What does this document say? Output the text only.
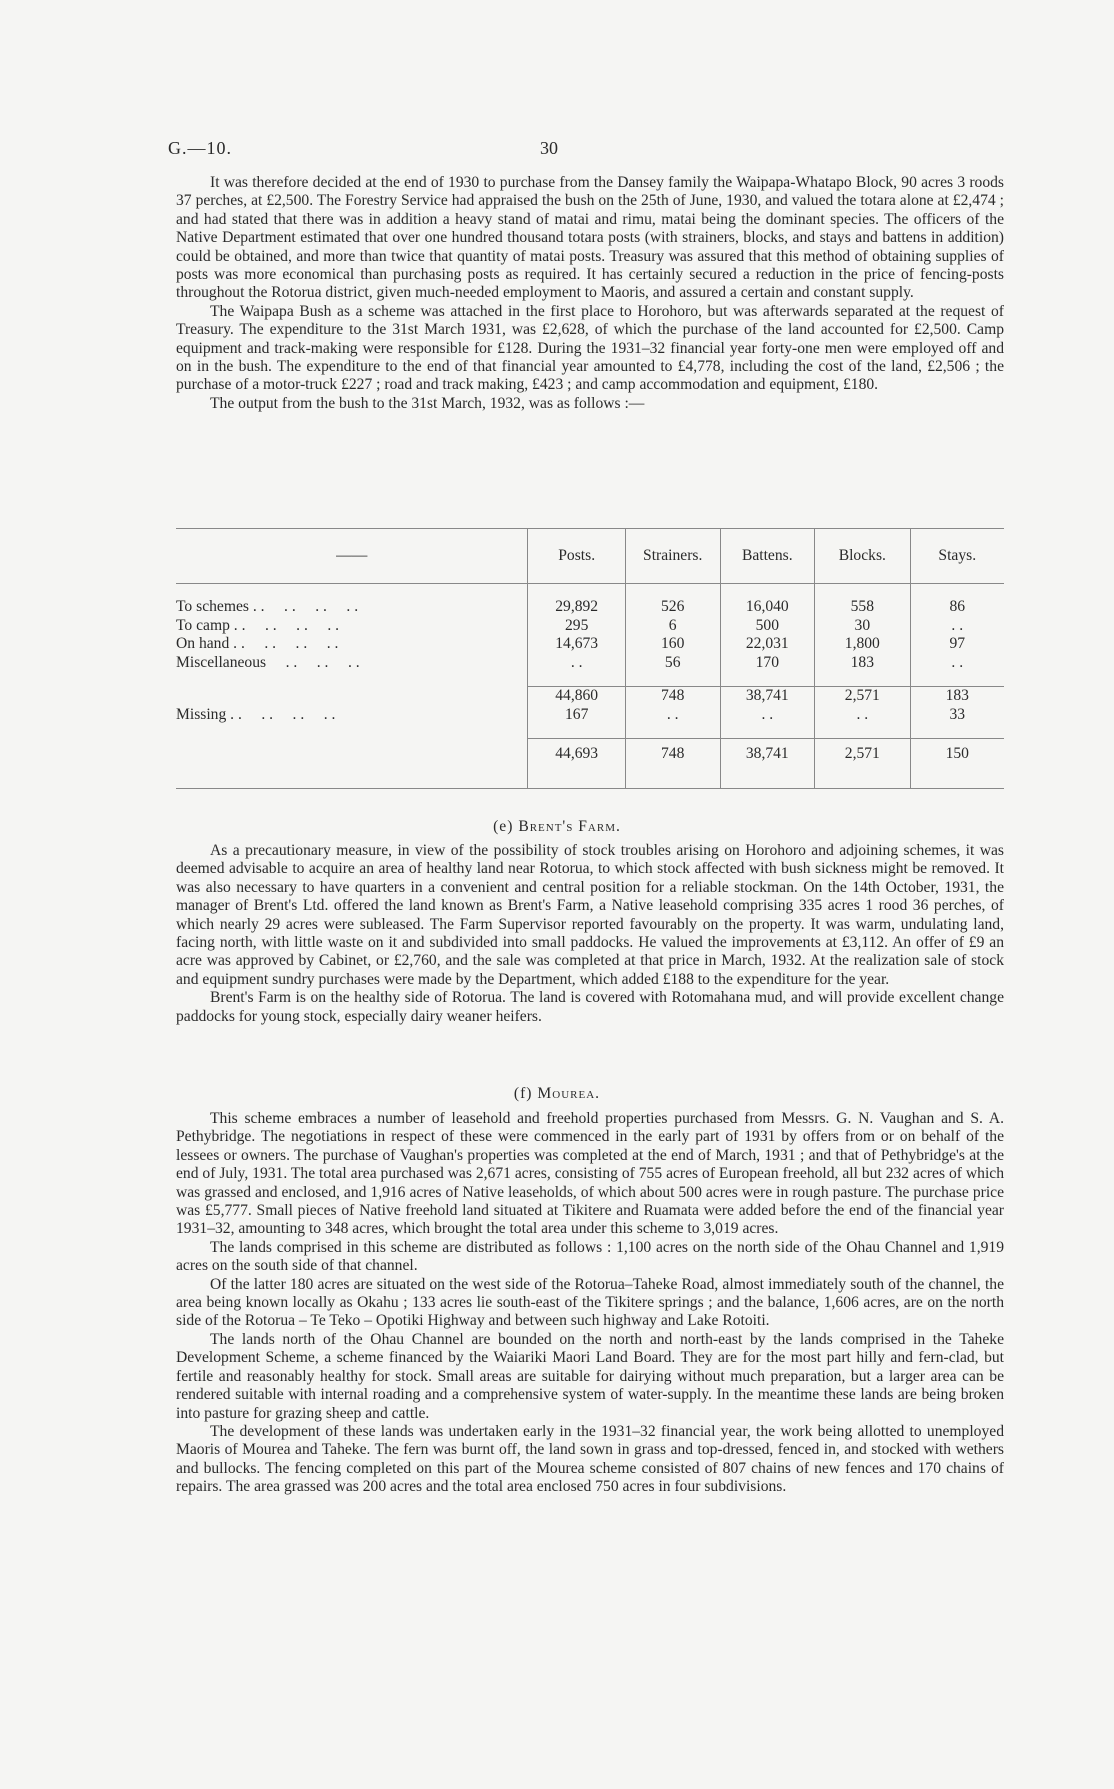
G.—10.	30

It was therefore decided at the end of 1930 to purchase from the Dansey family the Waipapa-Whatapo Block, 90 acres 3 roods 37 perches, at £2,500. The Forestry Service had appraised the bush on the 25th of June, 1930, and valued the totara alone at £2,474 ; and had stated that there was in addition a heavy stand of matai and rimu, matai being the dominant species. The officers of the Native Department estimated that over one hundred thousand totara posts (with strainers, blocks, and stays and battens in addition) could be obtained, and more than twice that quantity of matai posts. Treasury was assured that this method of obtaining supplies of posts was more economical than purchasing posts as required. It has certainly secured a reduction in the price of fencing-posts throughout the Rotorua district, given much-needed employment to Maoris, and assured a certain and constant supply.

The Waipapa Bush as a scheme was attached in the first place to Horohoro, but was afterwards separated at the request of Treasury. The expenditure to the 31st March 1931, was £2,628, of which the purchase of the land accounted for £2,500. Camp equipment and track-making were responsible for £128. During the 1931–32 financial year forty-one men were employed off and on in the bush. The expenditure to the end of that financial year amounted to £4,778, including the cost of the land, £2,506 ; the purchase of a motor-truck £227 ; road and track making, £423 ; and camp accommodation and equipment, £180.

The output from the bush to the 31st March, 1932, was as follows :—

——	Posts.	Strainers.	Battens.	Blocks.	Stays.

To schemes . .     . .     . .     . .	29,892	526	16,040	558	86
To camp . .     . .     . .     . .	295	6	500	30	. .
On hand . .     . .     . .     . .	14,673	160	22,031	1,800	97
Miscellaneous     . .     . .     . .	. .	56	170	183	. .

	44,860	748	38,741	2,571	183
Missing . .     . .     . .     . .	167	. .	. .	. .	33

	44,693	748	38,741	2,571	150

(e) Brent's Farm.

As a precautionary measure, in view of the possibility of stock troubles arising on Horohoro and adjoining schemes, it was deemed advisable to acquire an area of healthy land near Rotorua, to which stock affected with bush sickness might be removed. It was also necessary to have quarters in a convenient and central position for a reliable stockman. On the 14th October, 1931, the manager of Brent's Ltd. offered the land known as Brent's Farm, a Native leasehold comprising 335 acres 1 rood 36 perches, of which nearly 29 acres were subleased. The Farm Supervisor reported favourably on the property. It was warm, undulating land, facing north, with little waste on it and subdivided into small paddocks. He valued the improvements at £3,112. An offer of £9 an acre was approved by Cabinet, or £2,760, and the sale was completed at that price in March, 1932. At the realization sale of stock and equipment sundry purchases were made by the Department, which added £188 to the expenditure for the year.

Brent's Farm is on the healthy side of Rotorua. The land is covered with Rotomahana mud, and will provide excellent change paddocks for young stock, especially dairy weaner heifers.

(f) Mourea.

This scheme embraces a number of leasehold and freehold properties purchased from Messrs. G. N. Vaughan and S. A. Pethybridge. The negotiations in respect of these were commenced in the early part of 1931 by offers from or on behalf of the lessees or owners. The purchase of Vaughan's properties was completed at the end of March, 1931 ; and that of Pethybridge's at the end of July, 1931. The total area purchased was 2,671 acres, consisting of 755 acres of European freehold, all but 232 acres of which was grassed and enclosed, and 1,916 acres of Native leaseholds, of which about 500 acres were in rough pasture. The purchase price was £5,777. Small pieces of Native freehold land situated at Tikitere and Ruamata were added before the end of the financial year 1931–32, amounting to 348 acres, which brought the total area under this scheme to 3,019 acres.

The lands comprised in this scheme are distributed as follows : 1,100 acres on the north side of the Ohau Channel and 1,919 acres on the south side of that channel.

Of the latter 180 acres are situated on the west side of the Rotorua–Taheke Road, almost immediately south of the channel, the area being known locally as Okahu ; 133 acres lie south-east of the Tikitere springs ; and the balance, 1,606 acres, are on the north side of the Rotorua – Te Teko – Opotiki Highway and between such highway and Lake Rotoiti.

The lands north of the Ohau Channel are bounded on the north and north-east by the lands comprised in the Taheke Development Scheme, a scheme financed by the Waiariki Maori Land Board. They are for the most part hilly and fern-clad, but fertile and reasonably healthy for stock. Small areas are suitable for dairying without much preparation, but a larger area can be rendered suitable with internal roading and a comprehensive system of water-supply. In the meantime these lands are being broken into pasture for grazing sheep and cattle.

The development of these lands was undertaken early in the 1931–32 financial year, the work being allotted to unemployed Maoris of Mourea and Taheke. The fern was burnt off, the land sown in grass and top-dressed, fenced in, and stocked with wethers and bullocks. The fencing completed on this part of the Mourea scheme consisted of 807 chains of new fences and 170 chains of repairs. The area grassed was 200 acres and the total area enclosed 750 acres in four subdivisions.
